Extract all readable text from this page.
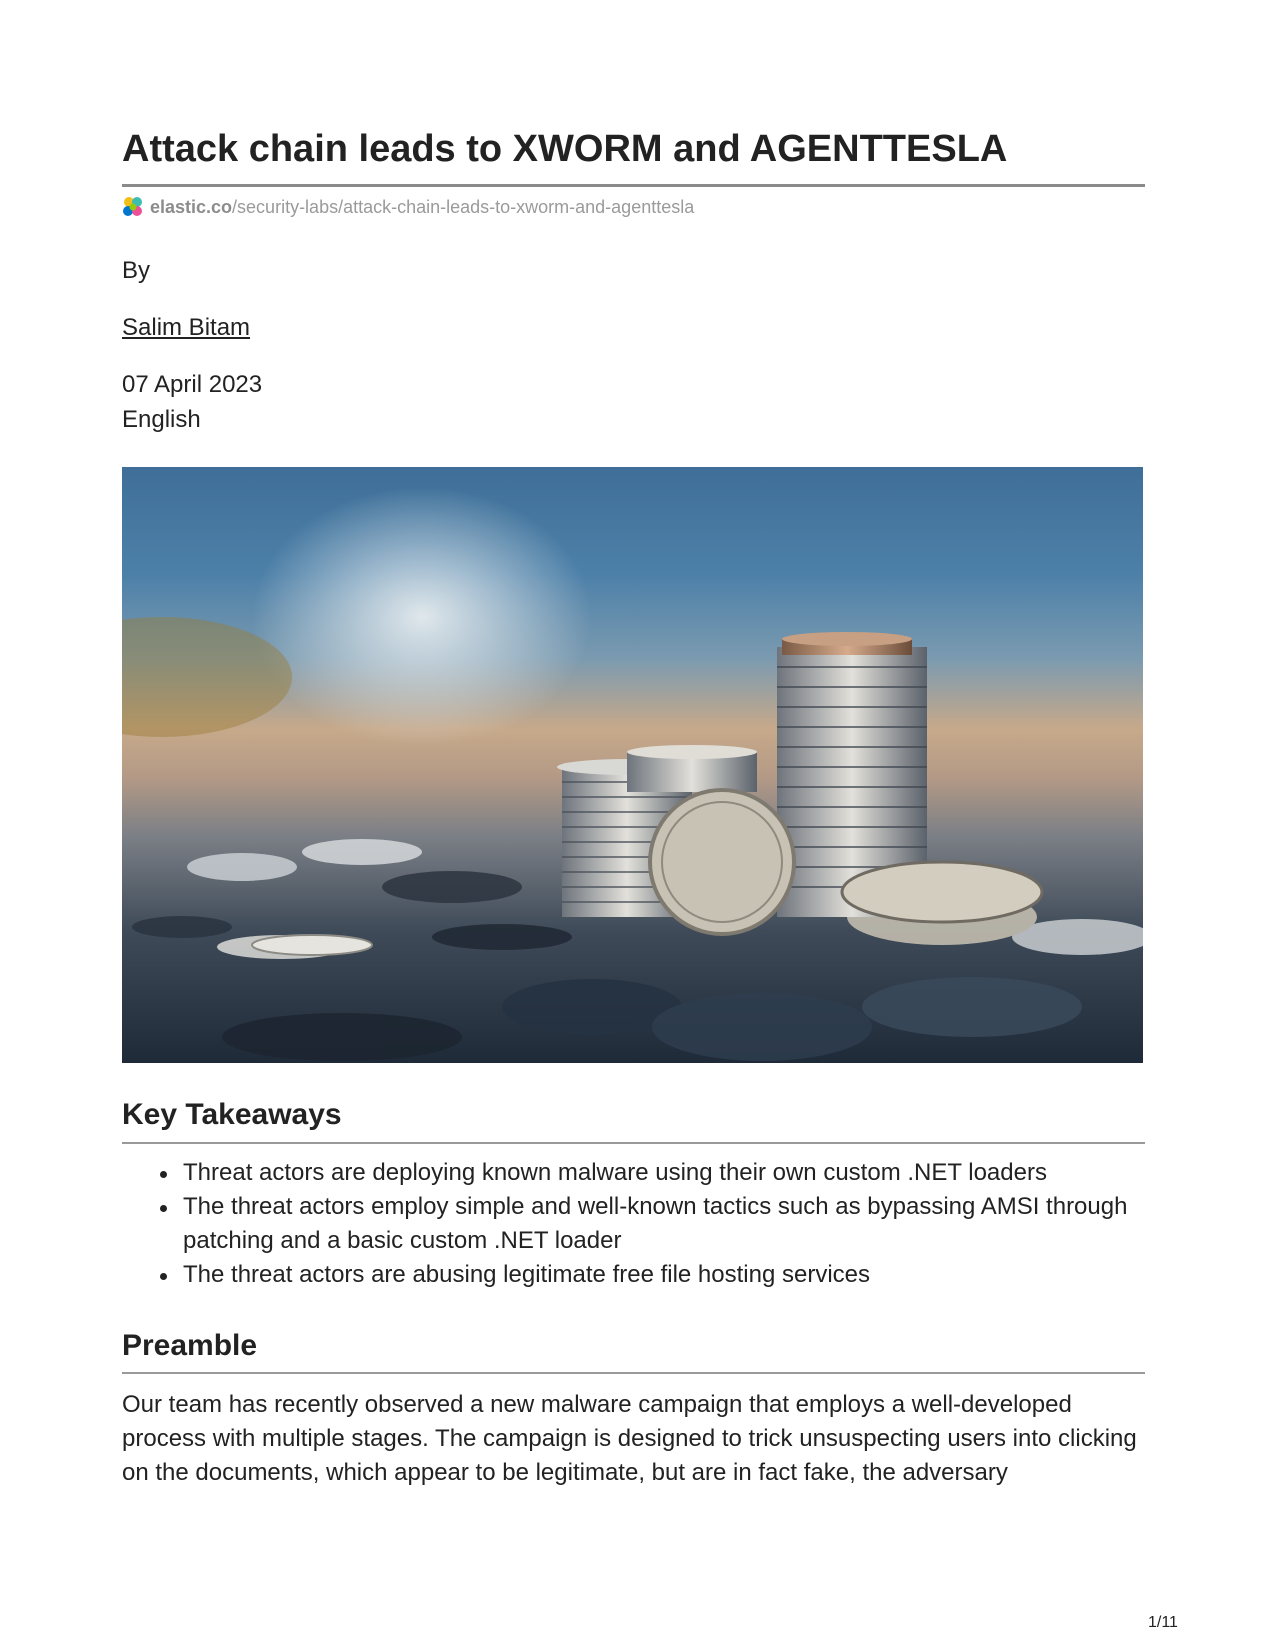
Attack chain leads to XWORM and AGENTTESLA
elastic.co /security-labs/attack-chain-leads-to-xworm-and-agenttesla
By
Salim Bitam
07 April 2023
English
Key Takeaways
Threat actors are deploying known malware using their own custom .NET loaders
The threat actors employ simple and well-known tactics such as bypassing AMSI through patching and a basic custom .NET loader
The threat actors are abusing legitimate free file hosting services
Preamble

Our team has recently observed a new malware campaign that employs a well-developed process with multiple stages. The campaign is designed to trick unsuspecting users into clicking on the documents, which appear to be legitimate, but are in fact fake, the adversary

1/11
